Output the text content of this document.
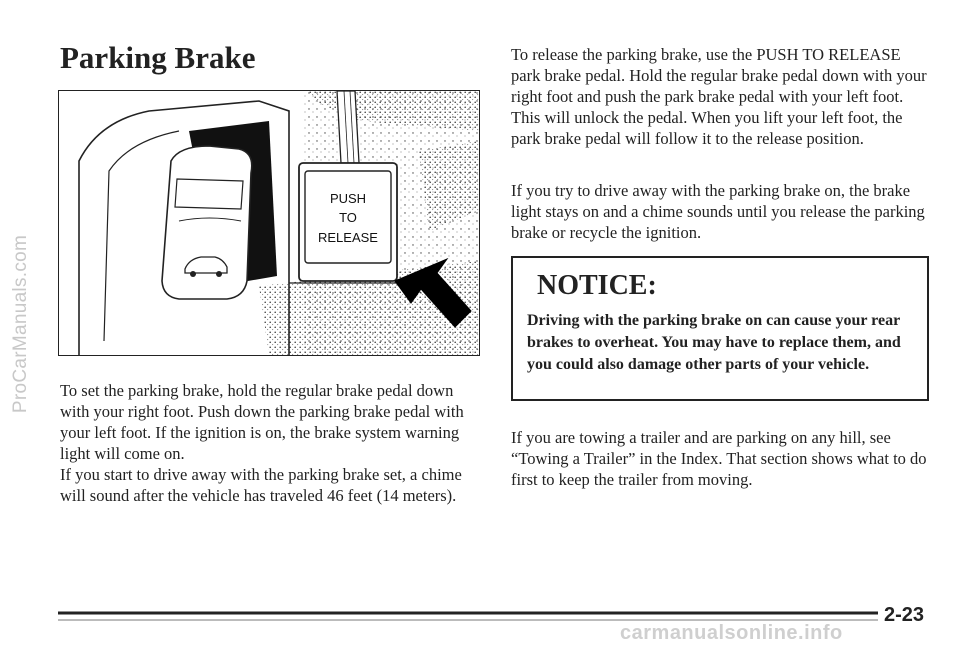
ProCarManuals.com
Parking Brake
PUSH
TO
RELEASE

To set the parking brake, hold the regular brake pedal down with your right foot. Push down the parking brake pedal with your left foot. If the ignition is on, the brake system warning light will come on.

If you start to drive away with the parking brake set, a chime will sound after the vehicle has traveled 46 feet (14 meters).

To release the parking brake, use the PUSH TO RELEASE park brake pedal. Hold the regular brake pedal down with your right foot and push the park brake pedal with your left foot. This will unlock the pedal. When you lift your left foot, the park brake pedal will follow it to the release position.

If you try to drive away with the parking brake on, the brake light stays on and a chime sounds until you release the parking brake or recycle the ignition.

NOTICE:

Driving with the parking brake on can cause your rear brakes to overheat. You may have to replace them, and you could also damage other parts of your vehicle.

If you are towing a trailer and are parking on any hill, see “Towing a Trailer” in the Index. That section shows what to do first to keep the trailer from moving.

2-23
carmanualsonline.info
